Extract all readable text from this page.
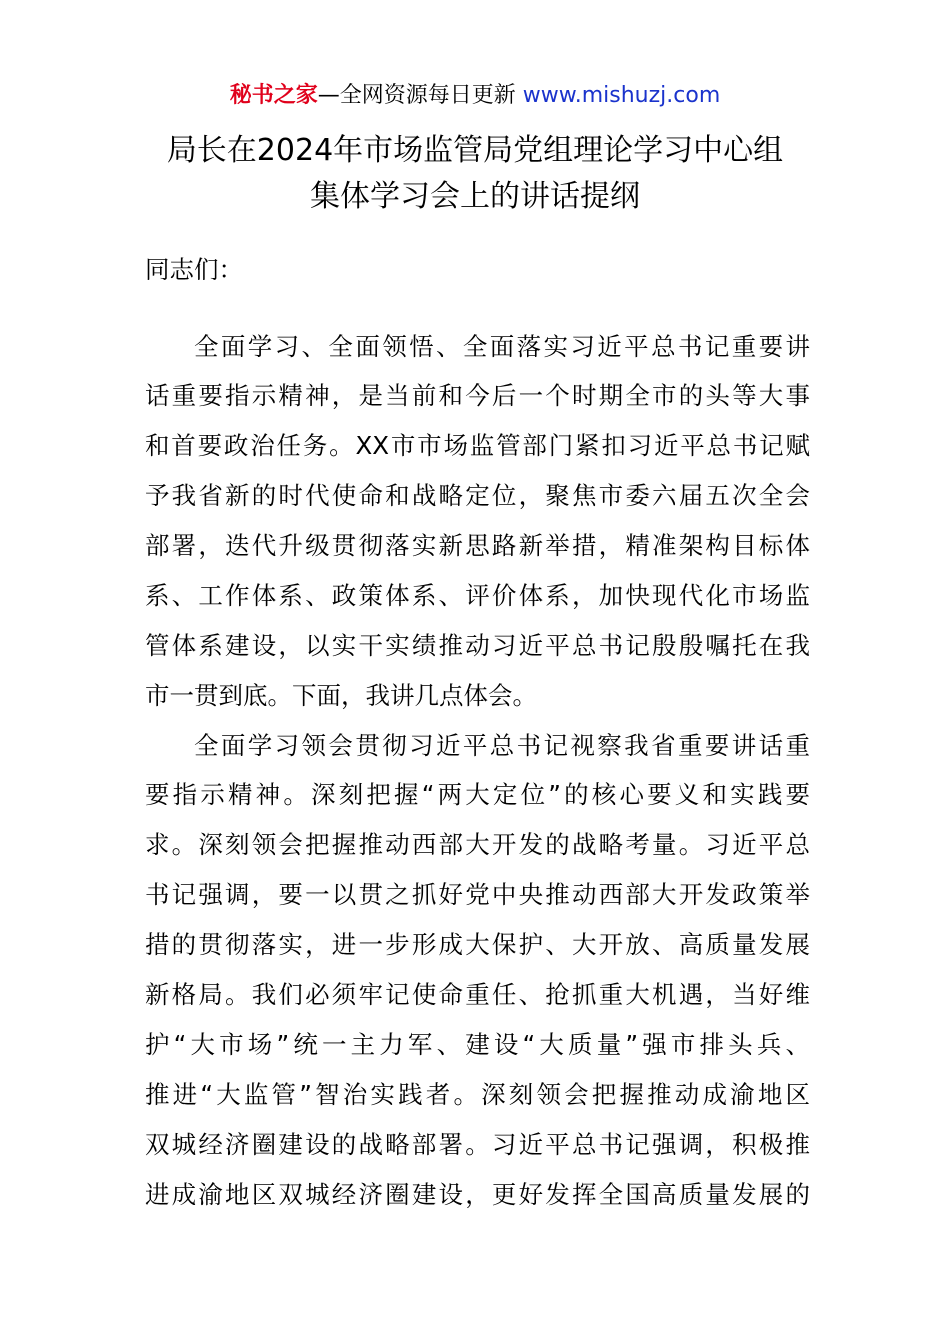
秘书之家—全网资源每日更新 www.mishuzj.com
局长在2024年市场监管局党组理论学习中心组
集体学习会上的讲话提纲
同志们：
全面学习、全面领悟、全面落实习近平总书记重要讲
话重要指示精神，是当前和今后一个时期全市的头等大事
和首要政治任务。XX市市场监管部门紧扣习近平总书记赋
予我省新的时代使命和战略定位，聚焦市委六届五次全会
部署，迭代升级贯彻落实新思路新举措，精准架构目标体
系、工作体系、政策体系、评价体系，加快现代化市场监
管体系建设，以实干实绩推动习近平总书记殷殷嘱托在我
市一贯到底。下面，我讲几点体会。
全面学习领会贯彻习近平总书记视察我省重要讲话重
要指示精神。深刻把握“两大定位”的核心要义和实践要
求。深刻领会把握推动西部大开发的战略考量。习近平总
书记强调，要一以贯之抓好党中央推动西部大开发政策举
措的贯彻落实，进一步形成大保护、大开放、高质量发展
新格局。我们必须牢记使命重任、抢抓重大机遇，当好维
护“大市场”统一主力军、建设“大质量”强市排头兵、
推进“大监管”智治实践者。深刻领会把握推动成渝地区
双城经济圈建设的战略部署。习近平总书记强调，积极推
进成渝地区双城经济圈建设，更好发挥全国高质量发展的
